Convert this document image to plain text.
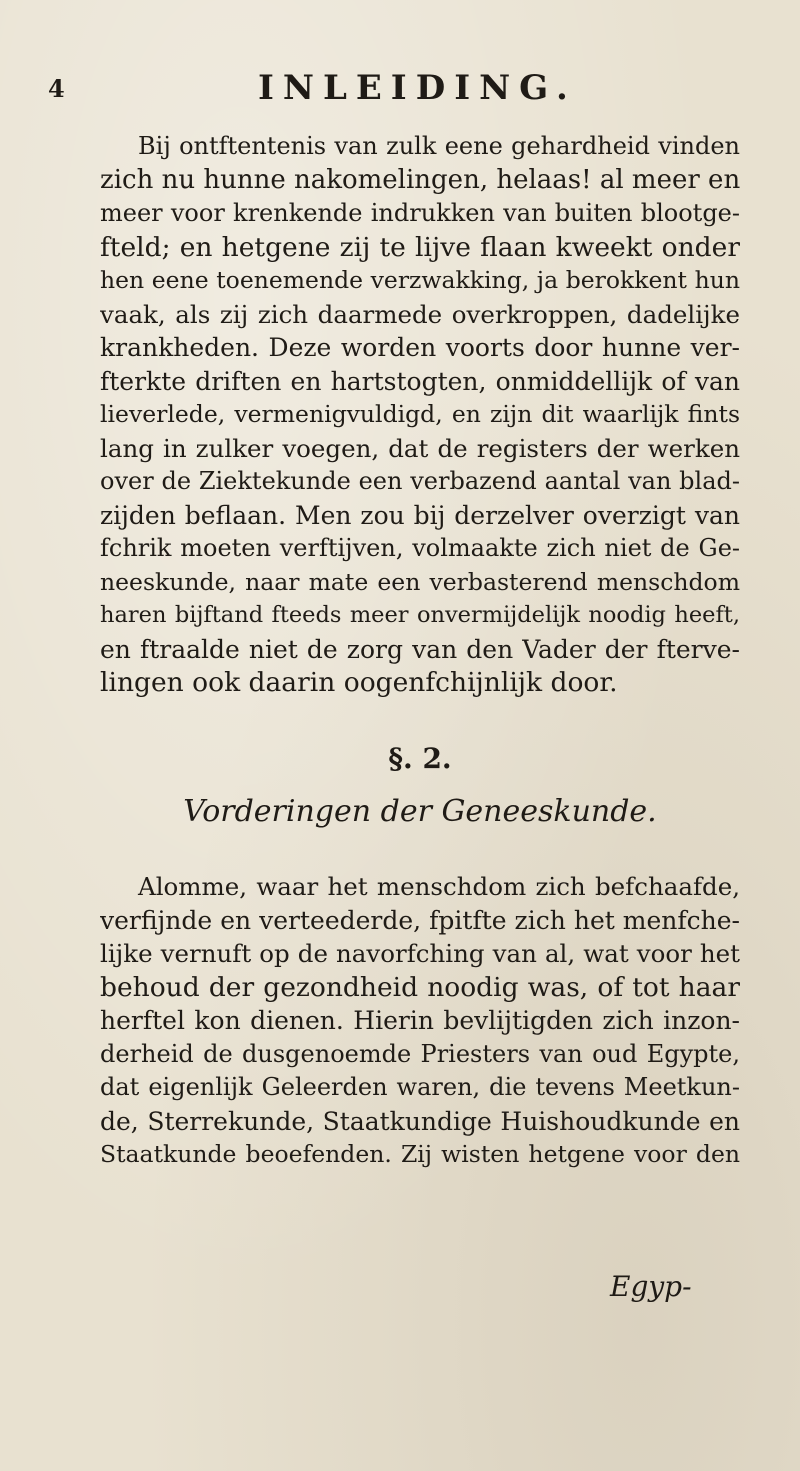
4	INLEIDING.
Bij ontftentenis van zulk eene gehardheid vinden
zich nu hunne nakomelingen, helaas! al meer en
meer voor krenkende indrukken van buiten blootge-
fteld; en hetgene zij te lijve flaan kweekt onder
hen eene toenemende verzwakking, ja berokkent hun
vaak, als zij zich daarmede overkroppen, dadelijke
krankheden. Deze worden voorts door hunne ver-
fterkte driften en hartstogten, onmiddellijk of van
lieverlede, vermenigvuldigd, en zijn dit waarlijk fints
lang in zulker voegen, dat de registers der werken
over de Ziektekunde een verbazend aantal van blad-
zijden beflaan. Men zou bij derzelver overzigt van
fchrik moeten verftijven, volmaakte zich niet de Ge-
neeskunde, naar mate een verbasterend menschdom
haren bijftand fteeds meer onvermijdelijk noodig heeft,
en ftraalde niet de zorg van den Vader der fterve-
lingen ook daarin oogenfchijnlijk door.
§. 2.
Vorderingen der Geneeskunde.
Alomme, waar het menschdom zich befchaafde,
verfijnde en verteederde, fpitfte zich het menfche-
lijke vernuft op de navorfching van al, wat voor het
behoud der gezondheid noodig was, of tot haar
herftel kon dienen. Hierin bevlijtigden zich inzon-
derheid de dusgenoemde Priesters van oud Egypte,
dat eigenlijk Geleerden waren, die tevens Meetkun-
de, Sterrekunde, Staatkundige Huishoudkunde en
Staatkunde beoefenden. Zij wisten hetgene voor den
Egyp-
